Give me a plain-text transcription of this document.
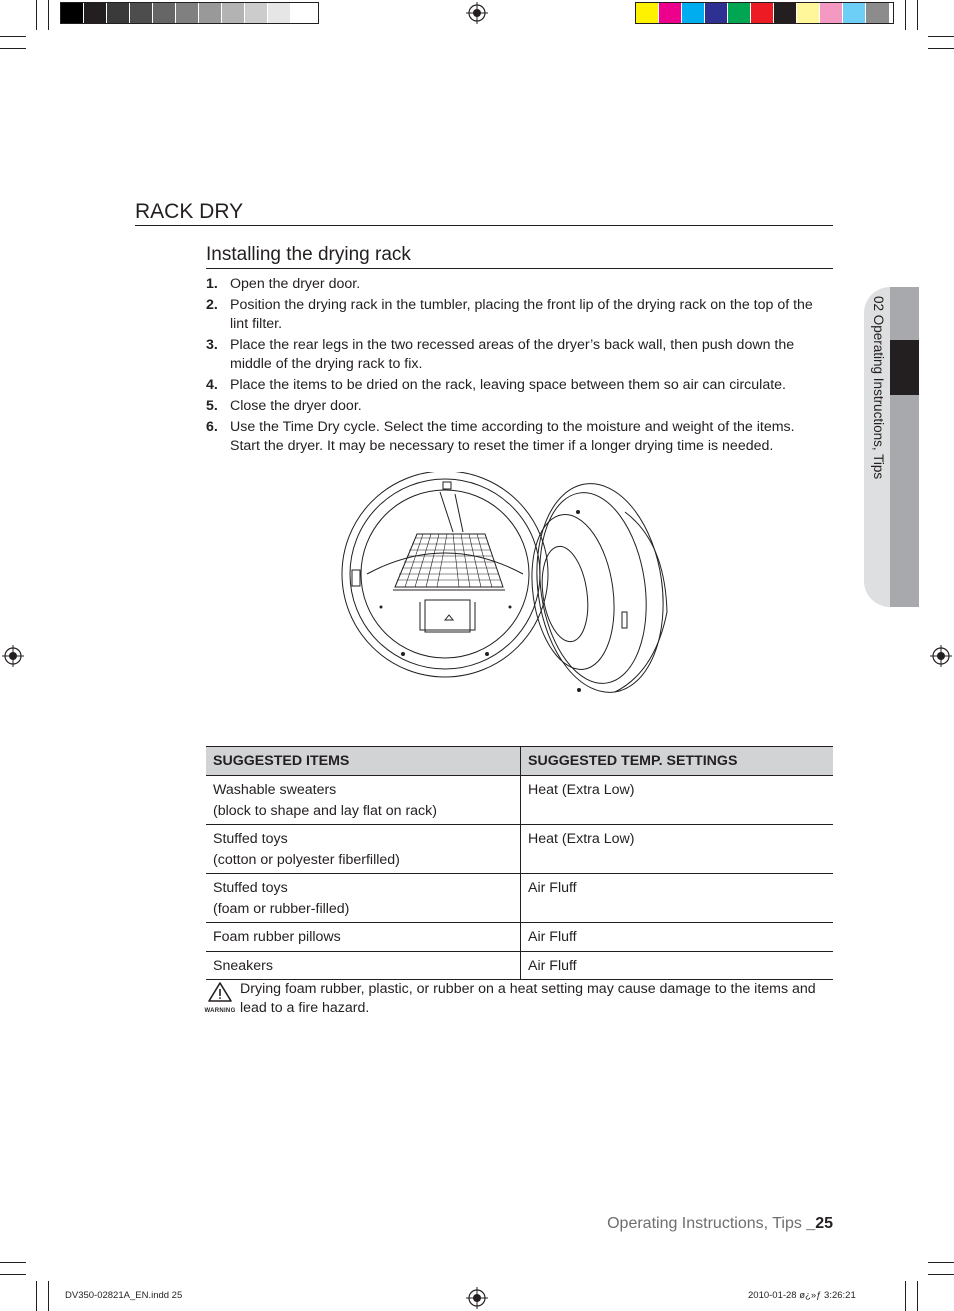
RACK DRY
Installing the drying rack
1. Open the dryer door.
2. Position the drying rack in the tumbler, placing the front lip of the drying rack on the top of the lint filter.
3. Place the rear legs in the two recessed areas of the dryer’s back wall, then push down the middle of the drying rack to fix.
4. Place the items to be dried on the rack, leaving space between them so air can circulate.
5. Close the dryer door.
6. Use the Time Dry cycle. Select the time according to the moisture and weight of the items. Start the dryer. It may be necessary to reset the timer if a longer drying time is needed.	02 Operating Instructions, Tips
SUGGESTED ITEMS	SUGGESTED TEMP. SETTINGS

Washable sweaters
(block to shape and lay flat on rack)	Heat (Extra Low)

Stuffed toys
(cotton or polyester fiberfilled)	Heat (Extra Low)

Stuffed toys
(foam or rubber-filled)	Air Fluff

Foam rubber pillows	Air Fluff

Sneakers	Air Fluff
WARNING
Drying foam rubber, plastic, or rubber on a heat setting may cause damage to the items and lead to a fire hazard.
Operating Instructions, Tips _25
DV350-02821A_EN.indd 25	2010-01-28 ø¿»ƒ 3:26:21
